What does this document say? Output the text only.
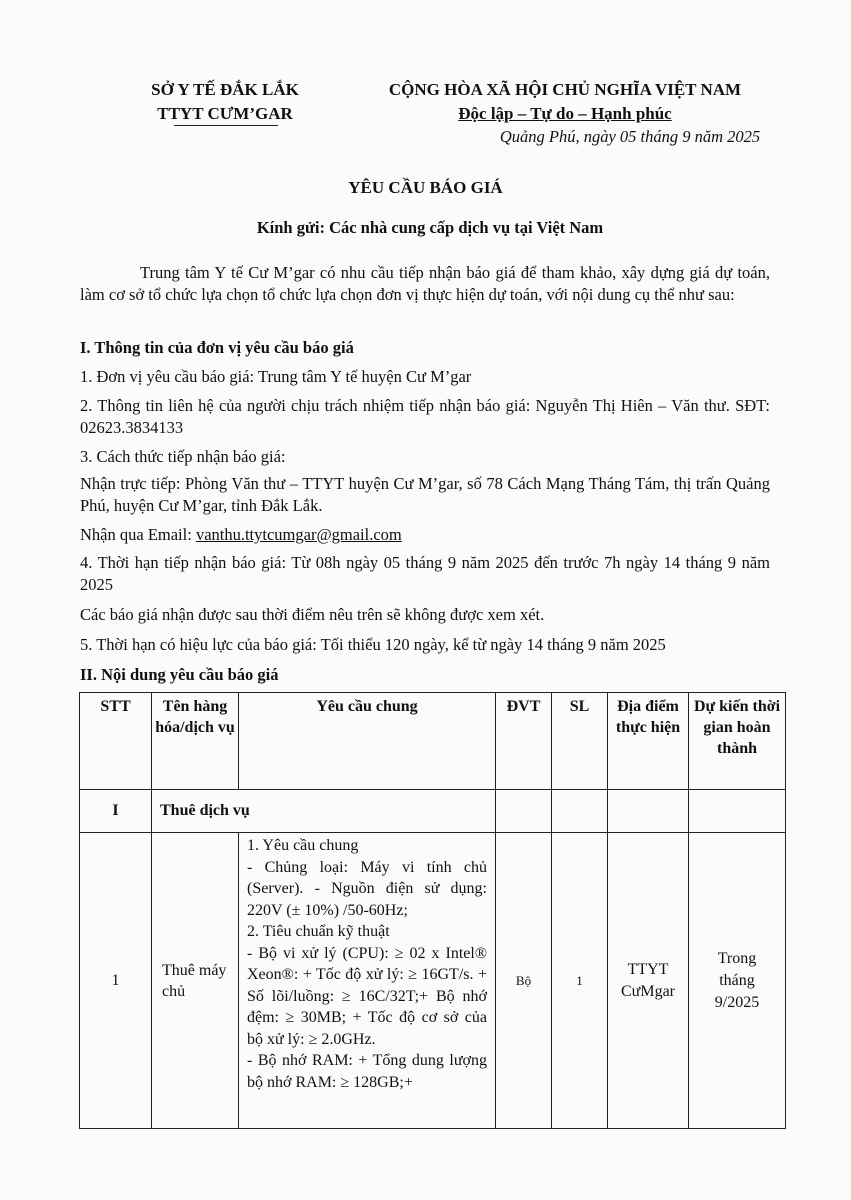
SỞ Y TẾ ĐẮK LẮK
TTYT CƯM’GAR
CỘNG HÒA XÃ HỘI CHỦ NGHĨA VIỆT NAM
Độc lập – Tự do – Hạnh phúc
Quảng Phú, ngày 05 tháng 9 năm 2025
YÊU CẦU BÁO GIÁ
Kính gửi: Các nhà cung cấp dịch vụ tại Việt Nam
Trung tâm Y tế Cư M’gar có nhu cầu tiếp nhận báo giá để tham khảo, xây dựng giá dự toán, làm cơ sở tổ chức lựa chọn tổ chức lựa chọn đơn vị thực hiện dự toán, với nội dung cụ thể như sau:
I. Thông tin của đơn vị yêu cầu báo giá
1. Đơn vị yêu cầu báo giá: Trung tâm Y tế huyện Cư M’gar
2. Thông tin liên hệ của người chịu trách nhiệm tiếp nhận báo giá: Nguyễn Thị Hiên – Văn thư. SĐT: 02623.3834133
3. Cách thức tiếp nhận báo giá:
Nhận trực tiếp: Phòng Văn thư – TTYT huyện Cư M’gar, số 78 Cách Mạng Tháng Tám, thị trấn Quảng Phú, huyện Cư M’gar, tỉnh Đắk Lắk.
Nhận qua Email: vanthu.ttytcumgar@gmail.com
4. Thời hạn tiếp nhận báo giá: Từ 08h ngày 05 tháng 9 năm 2025 đến trước 7h ngày 14 tháng 9 năm 2025
Các báo giá nhận được sau thời điểm nêu trên sẽ không được xem xét.
5. Thời hạn có hiệu lực của báo giá: Tối thiểu 120 ngày, kể từ ngày 14 tháng 9 năm 2025
II. Nội dung yêu cầu báo giá
STT	Tên hàng hóa/dịch vụ	Yêu cầu chung	ĐVT	SL	Địa điểm thực hiện	Dự kiến thời gian hoàn thành
I	Thuê dịch vụ					
1	Thuê máy chủ	1. Yêu cầu chung
- Chủng loại: Máy vi tính chủ (Server). - Nguồn điện sử dụng: 220V (± 10%) /50-60Hz;
2. Tiêu chuẩn kỹ thuật
- Bộ vi xử lý (CPU): ≥ 02 x Intel® Xeon®: + Tốc độ xử lý: ≥ 16GT/s. + Số lõi/luồng: ≥ 16C/32T;+ Bộ nhớ đệm: ≥ 30MB; + Tốc độ cơ sở của bộ xử lý: ≥ 2.0GHz.
- Bộ nhớ RAM: + Tổng dung lượng bộ nhớ RAM: ≥ 128GB;+	Bộ	1	TTYT CưMgar	Trong tháng 9/2025
